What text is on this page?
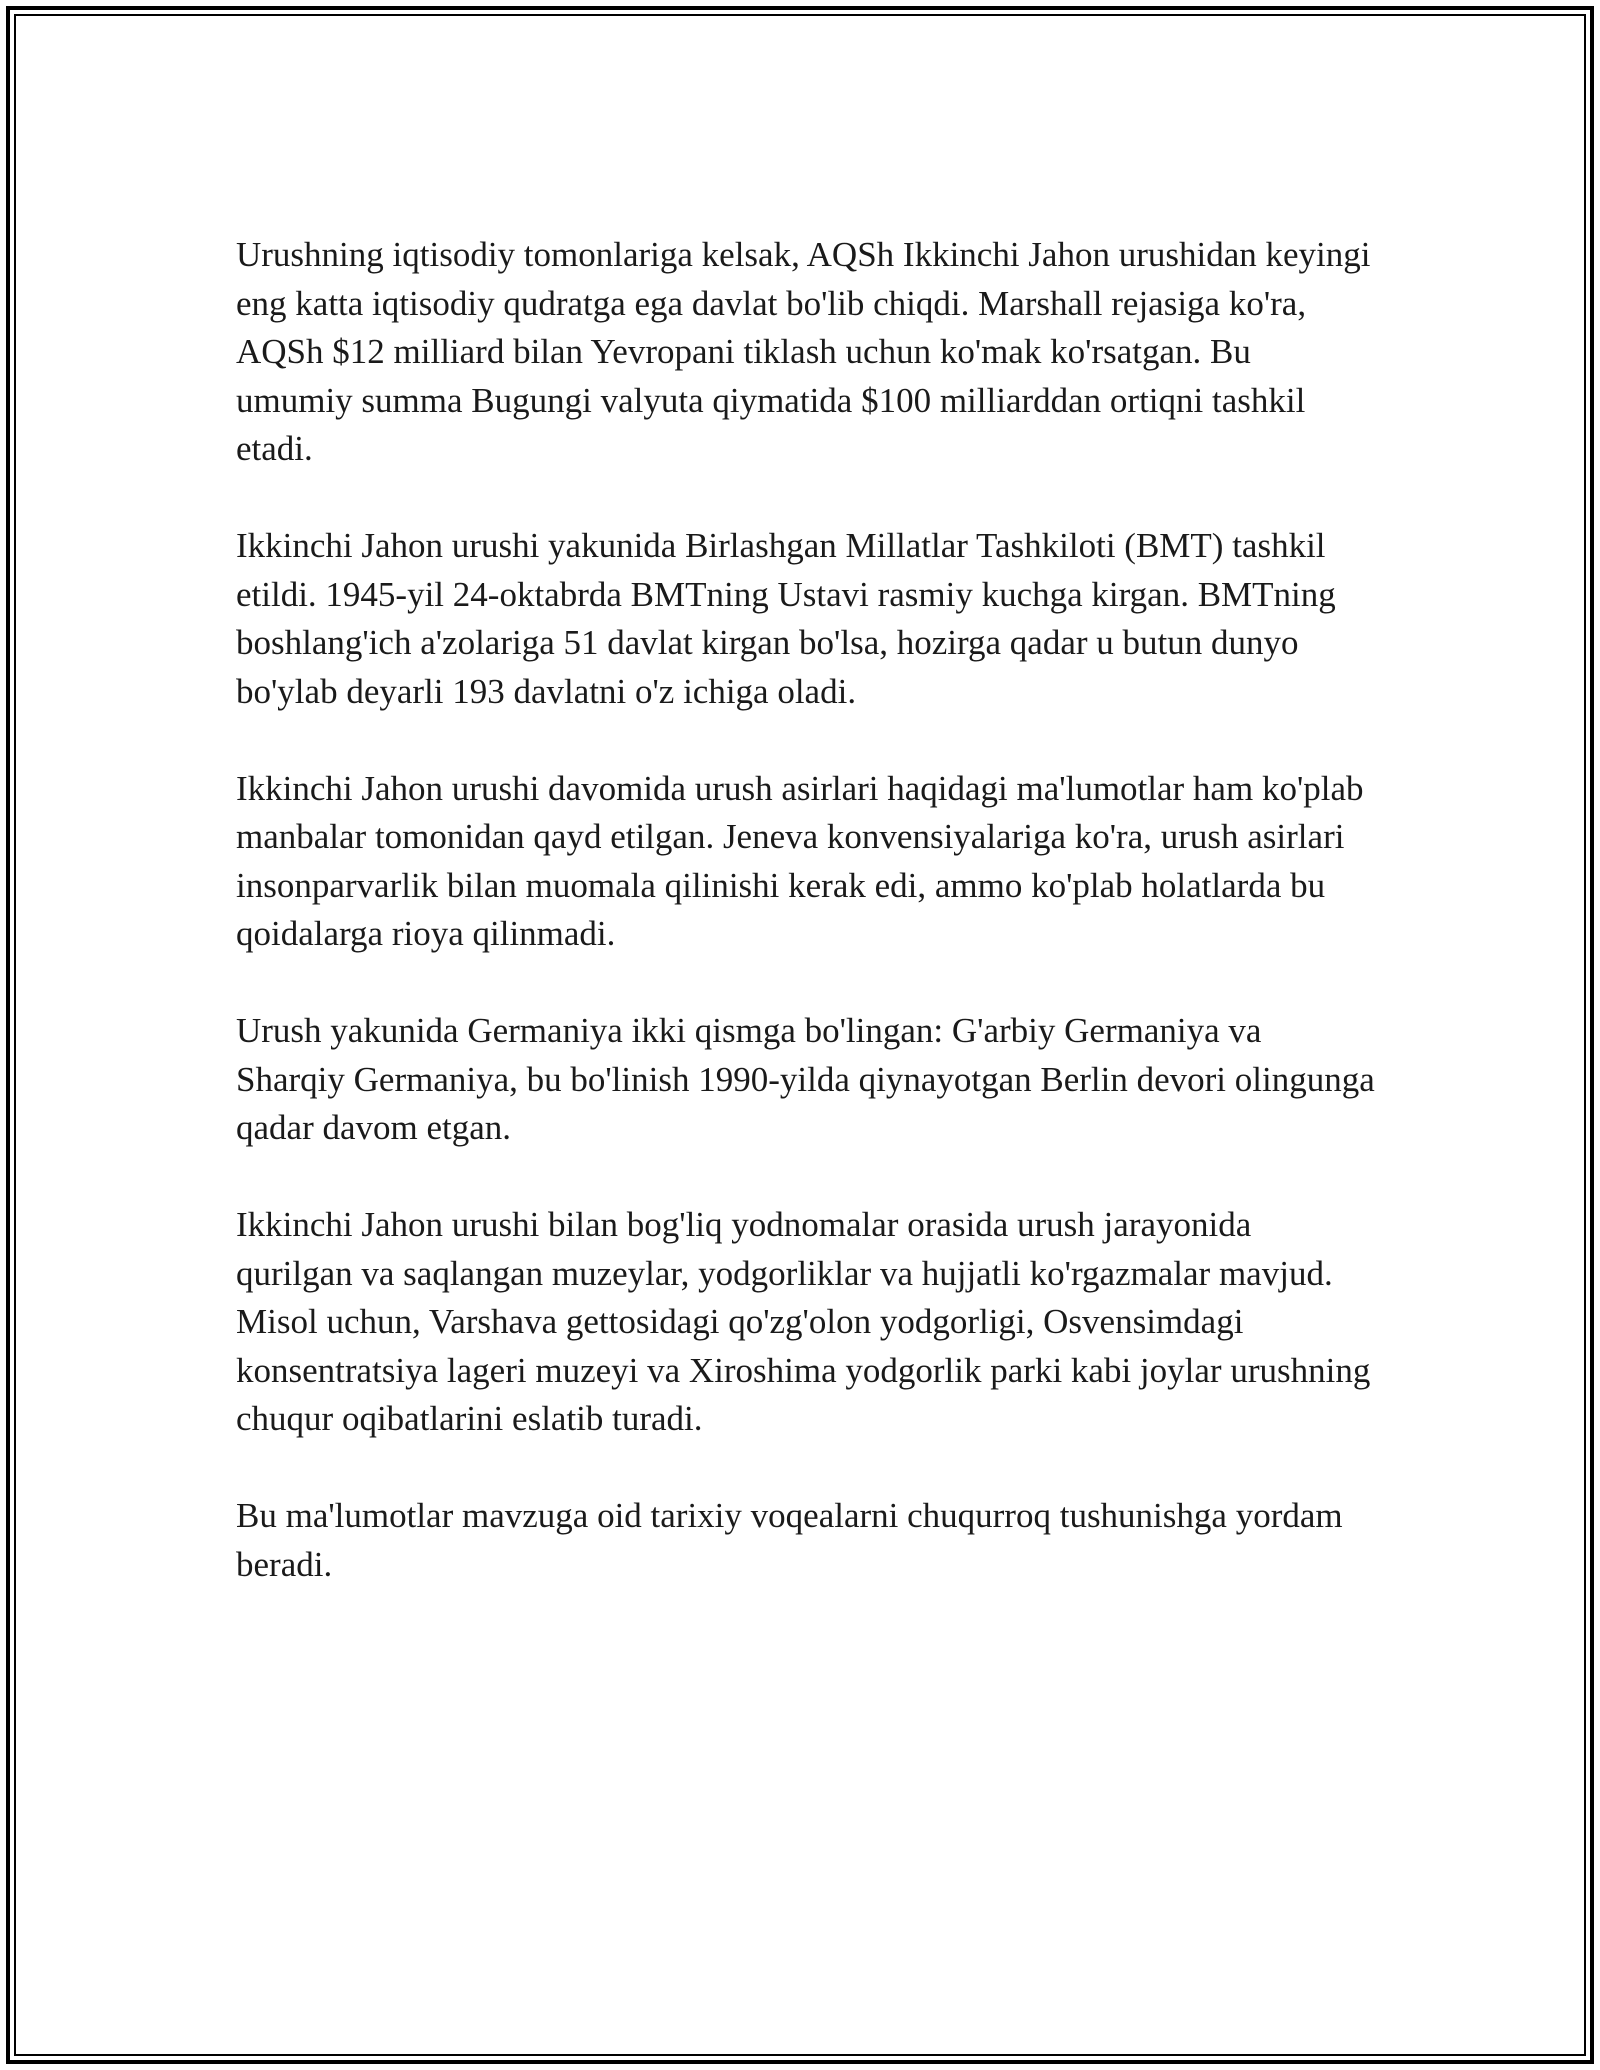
Urushning iqtisodiy tomonlariga kelsak, AQSh Ikkinchi Jahon urushidan keyingi eng katta iqtisodiy qudratga ega davlat bo'lib chiqdi. Marshall rejasiga ko'ra, AQSh $12 milliard bilan Yevropani tiklash uchun ko'mak ko'rsatgan. Bu umumiy summa Bugungi valyuta qiymatida $100 milliarddan ortiqni tashkil etadi.

Ikkinchi Jahon urushi yakunida Birlashgan Millatlar Tashkiloti (BMT) tashkil etildi. 1945-yil 24-oktabrda BMTning Ustavi rasmiy kuchga kirgan. BMTning boshlang'ich a'zolariga 51 davlat kirgan bo'lsa, hozirga qadar u butun dunyo bo'ylab deyarli 193 davlatni o'z ichiga oladi.

Ikkinchi Jahon urushi davomida urush asirlari haqidagi ma'lumotlar ham ko'plab manbalar tomonidan qayd etilgan. Jeneva konvensiyalariga ko'ra, urush asirlari insonparvarlik bilan muomala qilinishi kerak edi, ammo ko'plab holatlarda bu qoidalarga rioya qilinmadi.

Urush yakunida Germaniya ikki qismga bo'lingan: G'arbiy Germaniya va Sharqiy Germaniya, bu bo'linish 1990-yilda qiynayotgan Berlin devori olingunga qadar davom etgan.

Ikkinchi Jahon urushi bilan bog'liq yodnomalar orasida urush jarayonida qurilgan va saqlangan muzeylar, yodgorliklar va hujjatli ko'rgazmalar mavjud. Misol uchun, Varshava gettosidagi qo'zg'olon yodgorligi, Osvensimdagi konsentratsiya lageri muzeyi va Xiroshima yodgorlik parki kabi joylar urushning chuqur oqibatlarini eslatib turadi.

Bu ma'lumotlar mavzuga oid tarixiy voqealarni chuqurroq tushunishga yordam beradi.
